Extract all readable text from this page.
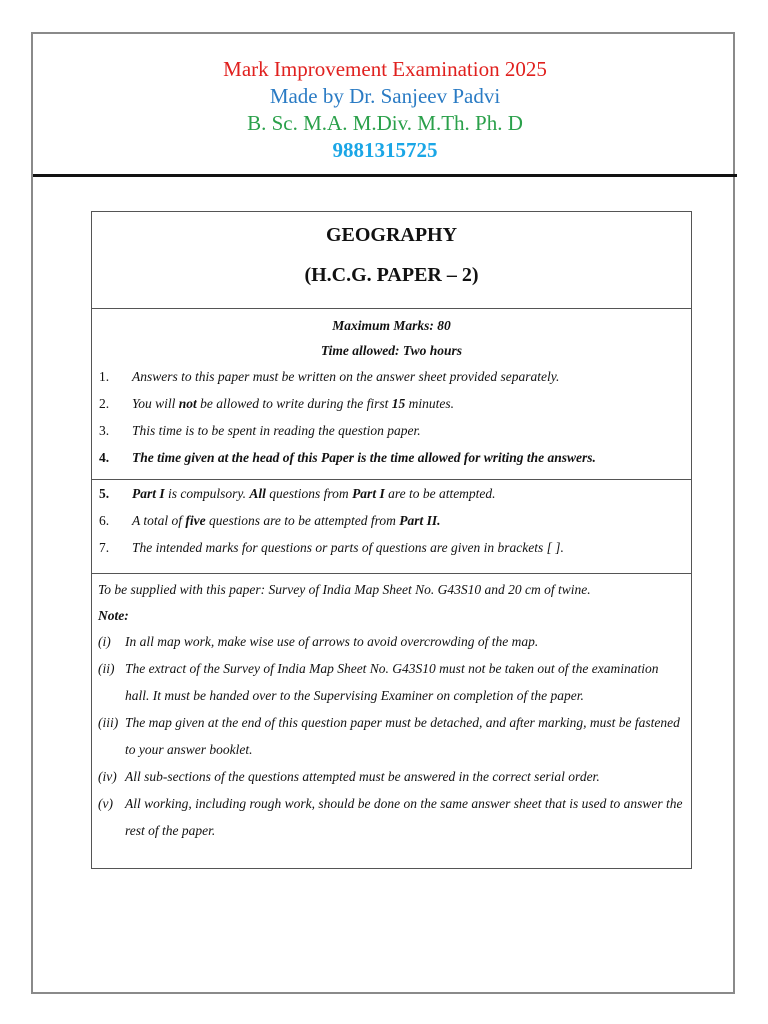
Mark Improvement Examination 2025
Made by Dr. Sanjeev Padvi
B. Sc. M.A. M.Div. M.Th. Ph. D
9881315725
GEOGRAPHY
(H.C.G. PAPER – 2)
Maximum Marks: 80
Time allowed: Two hours
1. Answers to this paper must be written on the answer sheet provided separately.
2. You will not be allowed to write during the first 15 minutes.
3. This time is to be spent in reading the question paper.
4. The time given at the head of this Paper is the time allowed for writing the answers.
5. Part I is compulsory. All questions from Part I are to be attempted.
6. A total of five questions are to be attempted from Part II.
7. The intended marks for questions or parts of questions are given in brackets [ ].
To be supplied with this paper: Survey of India Map Sheet No. G43S10 and 20 cm of twine.
Note:
(i) In all map work, make wise use of arrows to avoid overcrowding of the map.
(ii) The extract of the Survey of India Map Sheet No. G43S10 must not be taken out of the examination hall. It must be handed over to the Supervising Examiner on completion of the paper.
(iii) The map given at the end of this question paper must be detached, and after marking, must be fastened to your answer booklet.
(iv) All sub-sections of the questions attempted must be answered in the correct serial order.
(v) All working, including rough work, should be done on the same answer sheet that is used to answer the rest of the paper.
